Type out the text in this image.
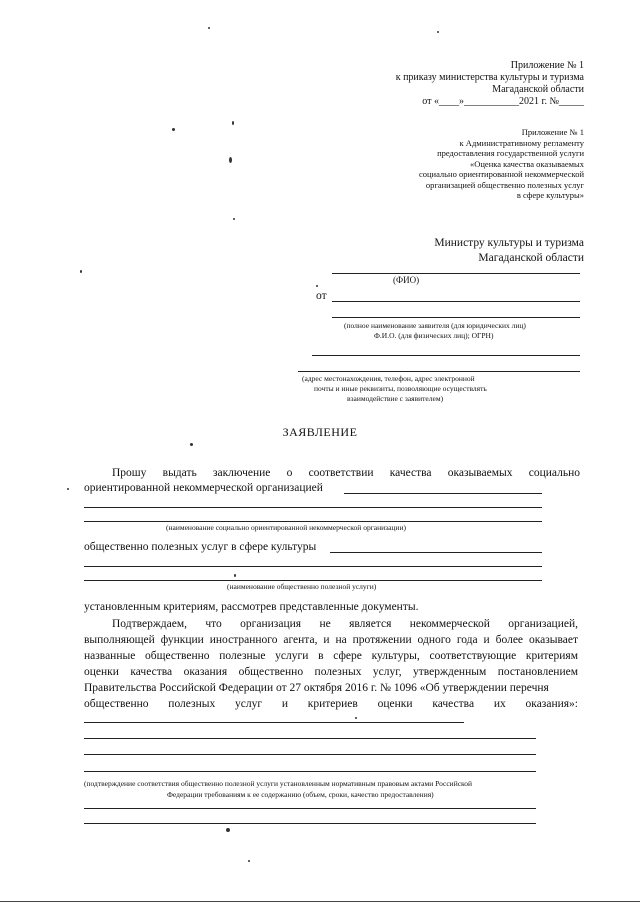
Приложение № 1
к приказу министерства культуры и туризма
Магаданской области
от «____»___________2021 г. №_____
Приложение № 1
к Административному регламенту
предоставления государственной услуги
«Оценка качества оказываемых
социально ориентированной некоммерческой
организацией общественно полезных услуг
в сфере культуры»
Министру культуры и туризма
Магаданской области
(ФИО)
от
(полное наименование заявителя (для юридических лиц)
Ф.И.О. (для физических лиц); ОГРН)
(адрес местонахождения, телефон, адрес электронной
почты и иные реквизиты, позволяющие осуществлять
взаимодействие с заявителем)
ЗАЯВЛЕНИЕ
Прошу выдать заключение о соответствии качества оказываемых социально
ориентированной некоммерческой организацией
(наименование социально ориентированной некоммерческой организации)
общественно полезных услуг в сфере культуры
(наименование общественно полезной услуги)
установленным критериям, рассмотрев представленные документы.
Подтверждаем, что организация не является некоммерческой организацией,
выполняющей функции иностранного агента, и на протяжении одного года и более оказывает
названные общественно полезные услуги в сфере культуры, соответствующие критериям
оценки качества оказания общественно полезных услуг, утвержденным постановлением
Правительства Российской Федерации от 27 октября 2016 г. № 1096 «Об утверждении перечня
общественно полезных услуг и критериев оценки качества их оказания»:
(подтверждение соответствия общественно полезной услуги установленным нормативным правовым актами Российской
Федерации требованиям к ее содержанию (объем, сроки, качество предоставления)
